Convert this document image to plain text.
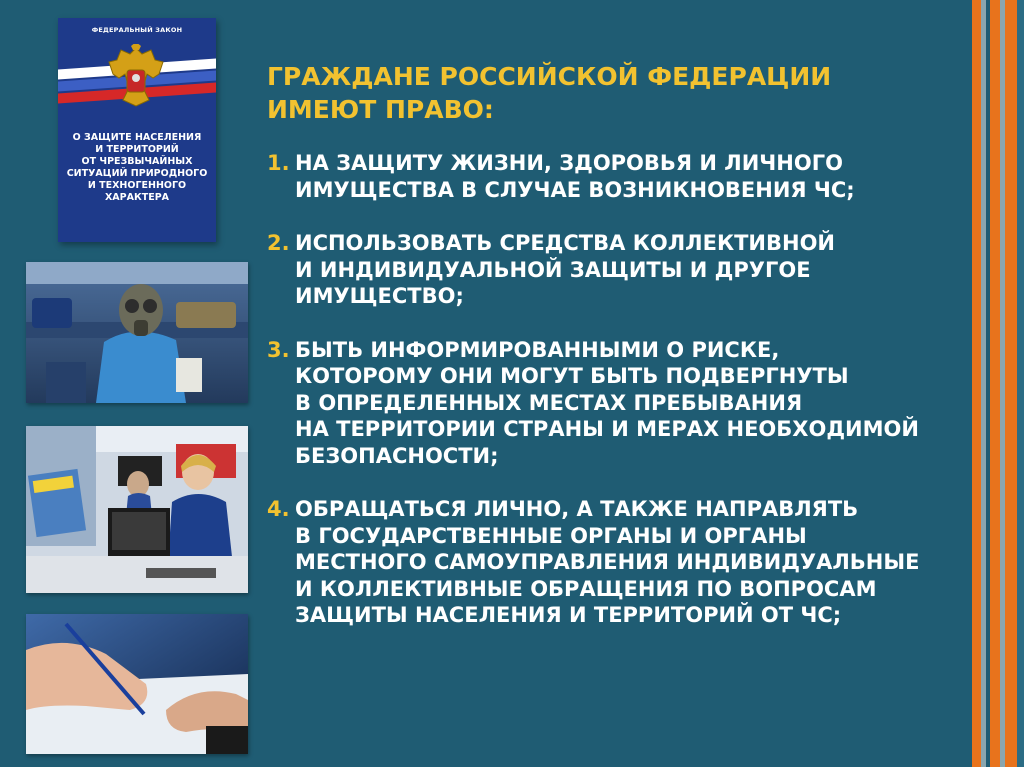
ФЕДЕРАЛЬНЫЙ ЗАКОН
О ЗАЩИТЕ НАСЕЛЕНИЯ
И ТЕРРИТОРИЙ
ОТ ЧРЕЗВЫЧАЙНЫХ
СИТУАЦИЙ ПРИРОДНОГО
И ТЕХНОГЕННОГО
ХАРАКТЕРА
ГРАЖДАНЕ РОССИЙСКОЙ ФЕДЕРАЦИИ
ИМЕЮТ ПРАВО:
1. НА ЗАЩИТУ ЖИЗНИ, ЗДОРОВЬЯ И ЛИЧНОГО
ИМУЩЕСТВА В СЛУЧАЕ ВОЗНИКНОВЕНИЯ ЧС;
2. ИСПОЛЬЗОВАТЬ СРЕДСТВА КОЛЛЕКТИВНОЙ
И ИНДИВИДУАЛЬНОЙ ЗАЩИТЫ И ДРУГОЕ
ИМУЩЕСТВО;
3. БЫТЬ ИНФОРМИРОВАННЫМИ О РИСКЕ,
КОТОРОМУ ОНИ МОГУТ БЫТЬ ПОДВЕРГНУТЫ
В ОПРЕДЕЛЕННЫХ МЕСТАХ ПРЕБЫВАНИЯ
НА ТЕРРИТОРИИ СТРАНЫ И МЕРАХ НЕОБХОДИМОЙ
БЕЗОПАСНОСТИ;
4. ОБРАЩАТЬСЯ ЛИЧНО, А ТАКЖЕ НАПРАВЛЯТЬ
В ГОСУДАРСТВЕННЫЕ ОРГАНЫ И ОРГАНЫ
МЕСТНОГО САМОУПРАВЛЕНИЯ ИНДИВИДУАЛЬНЫЕ
И КОЛЛЕКТИВНЫЕ ОБРАЩЕНИЯ ПО ВОПРОСАМ
ЗАЩИТЫ НАСЕЛЕНИЯ И ТЕРРИТОРИЙ ОТ ЧС;
